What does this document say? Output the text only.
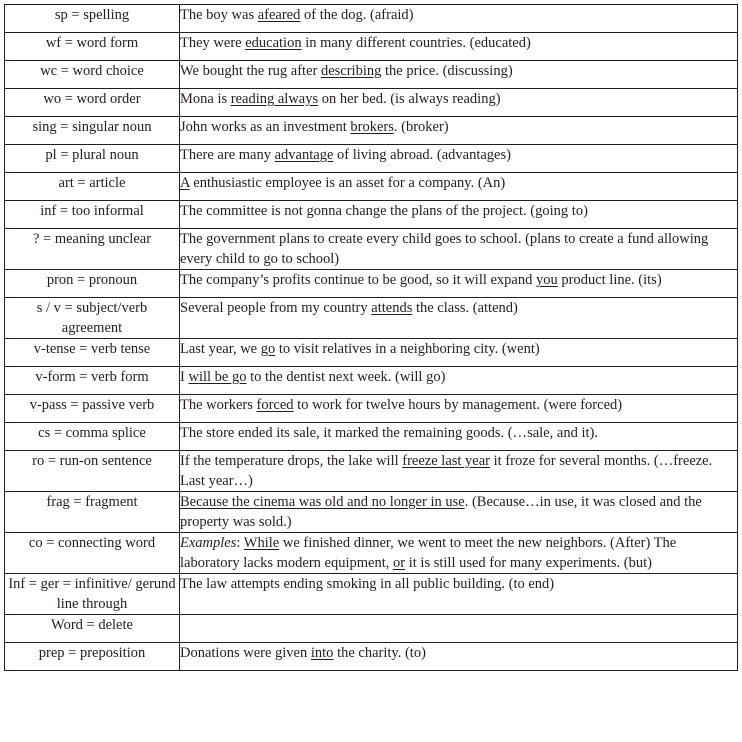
sp = spelling	The boy was afeared of the dog. (afraid)
wf = word form	They were education in many different countries. (educated)
wc = word choice	We bought the rug after describing the price. (discussing)
wo = word order	Mona is reading always on her bed. (is always reading)
sing = singular noun	John works as an investment brokers. (broker)
pl = plural noun	There are many advantage of living abroad. (advantages)
art = article	A enthusiastic employee is an asset for a company. (An)
inf = too informal	The committee is not gonna change the plans of the project. (going to)
? = meaning unclear	The government plans to create every child goes to school. (plans to create a fund allowing every child to go to school)
pron = pronoun	The company’s profits continue to be good, so it will expand you product line. (its)
s / v = subject/verb agreement	Several people from my country attends the class. (attend)
v-tense = verb tense	Last year, we go to visit relatives in a neighboring city. (went)
v-form = verb form	I will be go to the dentist next week. (will go)
v-pass = passive verb	The workers forced to work for twelve hours by management. (were forced)
cs = comma splice	The store ended its sale, it marked the remaining goods. (…sale, and it).
ro = run-on sentence	If the temperature drops, the lake will freeze last year it froze for several months. (…freeze. Last year…)
frag = fragment	Because the cinema was old and no longer in use. (Because…in use, it was closed and the property was sold.)
co = connecting word	Examples: While we finished dinner, we went to meet the new neighbors. (After) The laboratory lacks modern equipment, or it is still used for many experiments. (but)
Inf = ger = infinitive/ gerund line through	The law attempts ending smoking in all public building. (to end)
Word = delete	
prep = preposition	Donations were given into the charity. (to)
